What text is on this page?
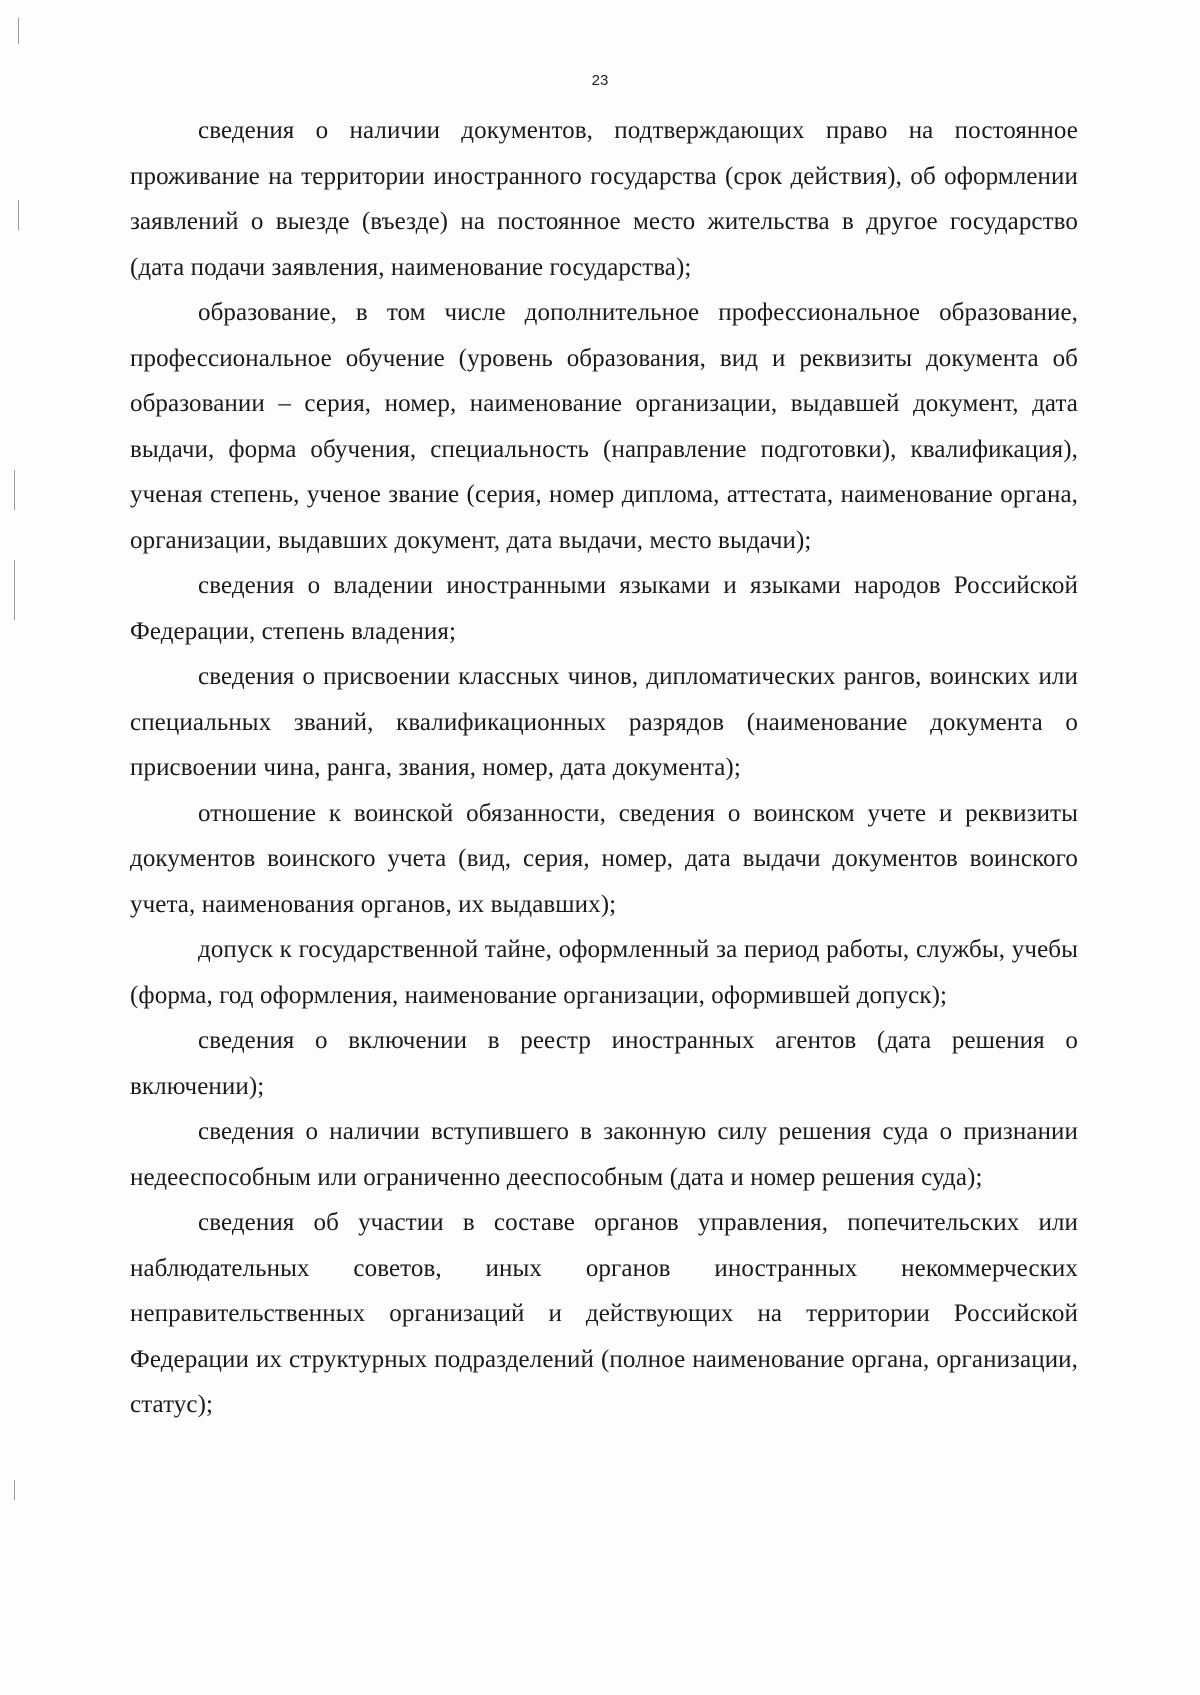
23

сведения о наличии документов, подтверждающих право на постоянное проживание на территории иностранного государства (срок действия), об оформлении заявлений о выезде (въезде) на постоянное место жительства в другое государство (дата подачи заявления, наименование государства);

образование, в том числе дополнительное профессиональное образование, профессиональное обучение (уровень образования, вид и реквизиты документа об образовании – серия, номер, наименование организации, выдавшей документ, дата выдачи, форма обучения, специальность (направление подготовки), квалификация), ученая степень, ученое звание (серия, номер диплома, аттестата, наименование органа, организации, выдавших документ, дата выдачи, место выдачи);

сведения о владении иностранными языками и языками народов Российской Федерации, степень владения;

сведения о присвоении классных чинов, дипломатических рангов, воинских или специальных званий, квалификационных разрядов (наименование документа о присвоении чина, ранга, звания, номер, дата документа);

отношение к воинской обязанности, сведения о воинском учете и реквизиты документов воинского учета (вид, серия, номер, дата выдачи документов воинского учета, наименования органов, их выдавших);

допуск к государственной тайне, оформленный за период работы, службы, учебы (форма, год оформления, наименование организации, оформившей допуск);

сведения о включении в реестр иностранных агентов (дата решения о включении);

сведения о наличии вступившего в законную силу решения суда о признании недееспособным или ограниченно дееспособным (дата и номер решения суда);

сведения об участии в составе органов управления, попечительских или наблюдательных советов, иных органов иностранных некоммерческих неправительственных организаций и действующих на территории Российской Федерации их структурных подразделений (полное наименование органа, организации, статус);
